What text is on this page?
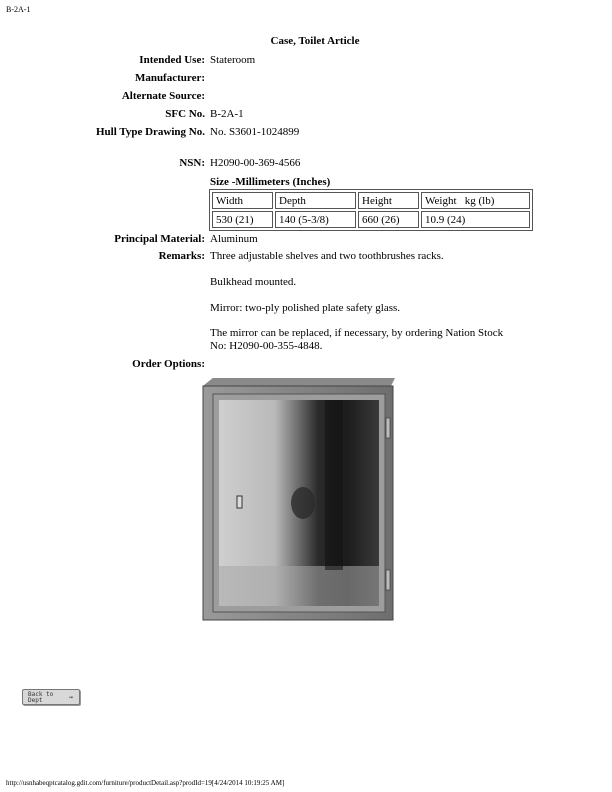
B-2A-1
Case, Toilet Article
Intended Use: Stateroom
Manufacturer:
Alternate Source:
SFC No. B-2A-1
Hull Type Drawing No. No. S3601-1024899
NSN: H2090-00-369-4566
Size -Millimeters (Inches)
Width	Depth	Height	Weight   kg (lb)
530 (21)	140 (5-3/8)	660 (26)	10.9 (24)
Principal Material: Aluminum
Remarks: Three adjustable shelves and two toothbrushes racks.
Bulkhead mounted.
Mirror: two-ply polished plate safety glass.
The mirror can be replaced, if necessary, by ordering Nation Stock No: H2090-00-355-4848.
Order Options:
Back to
Dept	→
http://usnhabeqptcatalog.gdit.com/furniture/productDetail.asp?prodId=19[4/24/2014 10:19:25 AM]
